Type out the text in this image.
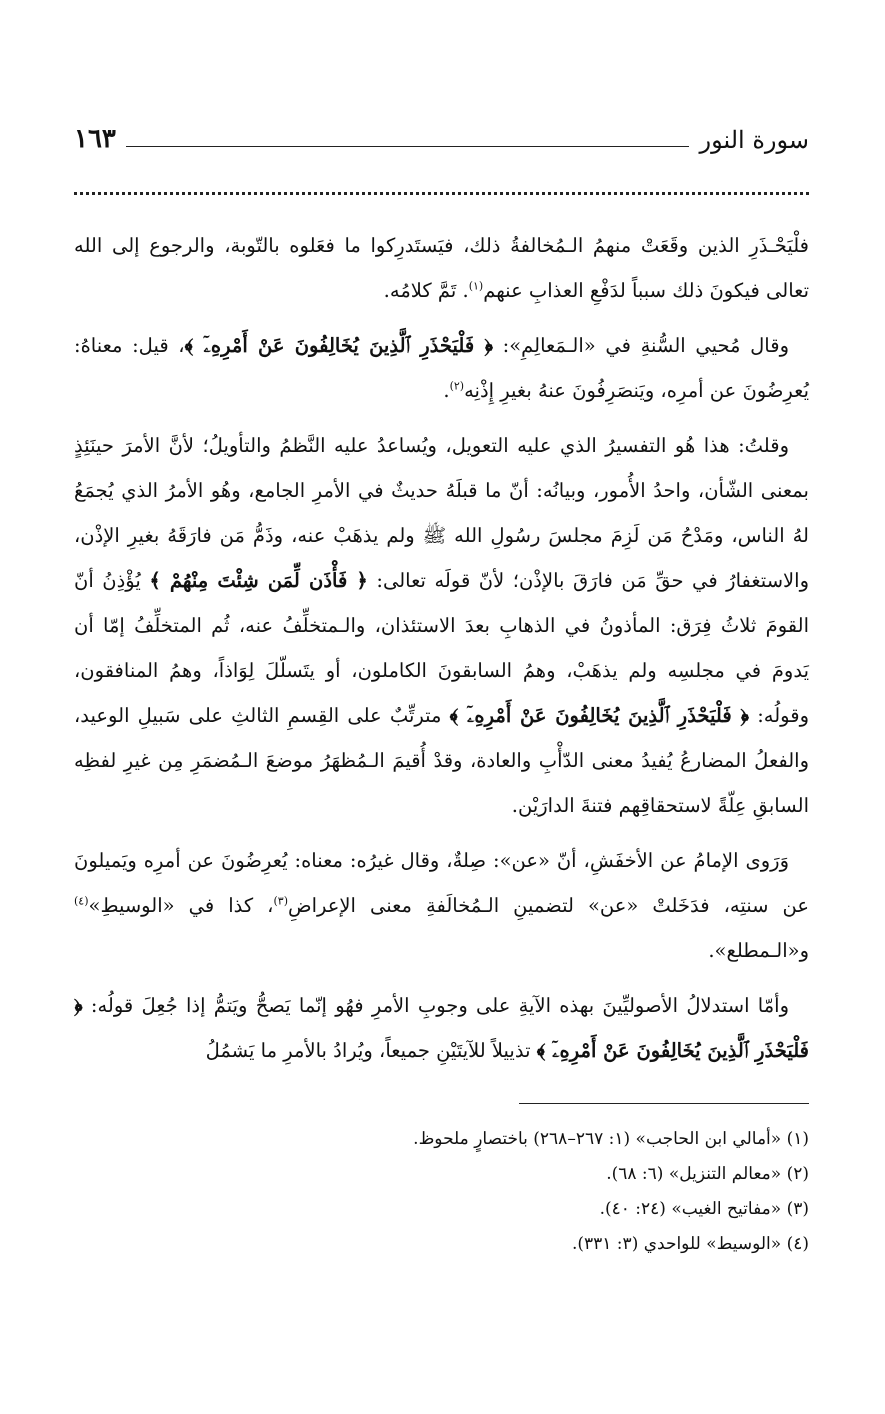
سورة النور
١٦٣

فلْيَحْـذَرِ الذين وقَعَتْ منهمُ الـمُخالفةُ ذلك، فيَستَدرِكوا ما فعَلوه بالتّوبة، والرجوع إلى الله تعالى فيكونَ ذلك سبباً لدَفْعِ العذابِ عنهم$^{(١)}$. تَمَّ كلامُه.

وقال مُحيي السُّنةِ في «الـمَعالِمِ»: ﴿ فَلْيَحْذَرِ ٱلَّذِينَ يُخَالِفُونَ عَنْ أَمْرِهِۦٓ ﴾، قيل: معناهُ: يُعرِضُونَ عن أمرِه، ويَنصَرِفُونَ عنهُ بغيرِ إِذْنِه$^{(٢)}$.

وقلتُ: هذا هُو التفسيرُ الذي عليه التعويل، ويُساعدُ عليه النَّظمُ والتأويلُ؛ لأنَّ الأمرَ حينَئِذٍ بمعنى الشّأن، واحدُ الأُمور، وبيانُه: أنّ ما قبلَهُ حديثٌ في الأمرِ الجامع، وهُو الأمرُ الذي يُجمَعُ لهُ الناس، ومَدْحُ مَن لَزِمَ مجلسَ رسُولِ الله ﷺ ولم يذهَبْ عنه، وذَمُّ مَن فارَقَهُ بغيرِ الإذْن، والاستغفارُ في حقِّ مَن فارَقَ بالإذْن؛ لأنّ قولَه تعالى: ﴿ فَأْذَن لِّمَن شِئْتَ مِنْهُمْ ﴾ يُؤْذِنُ أنّ القومَ ثلاثُ فِرَق: المأذونُ في الذهابِ بعدَ الاستئذان، والـمتخلِّفُ عنه، ثُم المتخلِّفُ إمّا أن يَدومَ في مجلسِه ولم يذهَبْ، وهمُ السابقونَ الكاملون، أو يتَسلّلَ لِوَاذاً، وهمُ المنافقون، وقولُه: ﴿ فَلْيَحْذَرِ ٱلَّذِينَ يُخَالِفُونَ عَنْ أَمْرِهِۦٓ ﴾ مترتِّبٌ على القِسمِ الثالثِ على سَبيلِ الوعيد، والفعلُ المضارعُ يُفيدُ معنى الدّأْبِ والعادة، وقدْ أُقيمَ الـمُظهَرُ موضعَ الـمُضمَرِ مِن غيرِ لفظِه السابقِ عِلّةً لاستحقاقِهم فتنةَ الدارَيْن.

وَرَوى الإمامُ عن الأخفَشِ، أنّ «عن»: صِلةٌ، وقال غيرُه: معناه: يُعرِضُونَ عن أمرِه ويَميلونَ عن سنتِه، فدَخَلتْ «عن» لتضمينِ الـمُخالَفةِ معنى الإعراضِ$^{(٣)}$، كذا في «الوسيطِ»$^{(٤)}$ و«الـمطلع».

وأمّا استدلالُ الأصوليِّينَ بهذه الآيةِ على وجوبِ الأمرِ فهُو إنّما يَصحُّ ويَتمُّ إذا جُعِلَ قولُه: ﴿ فَلْيَحْذَرِ ٱلَّذِينَ يُخَالِفُونَ عَنْ أَمْرِهِۦٓ ﴾ تذييلاً للآيتَيْنِ جميعاً، ويُرادُ بالأمرِ ما يَشمُلُ

(١) «أمالي ابن الحاجب» (١: ٢٦٧–٢٦٨) باختصارٍ ملحوظ.
(٢) «معالم التنزيل» (٦: ٦٨).
(٣) «مفاتيح الغيب» (٢٤: ٤٠).
(٤) «الوسيط» للواحدي (٣: ٣٣١).
